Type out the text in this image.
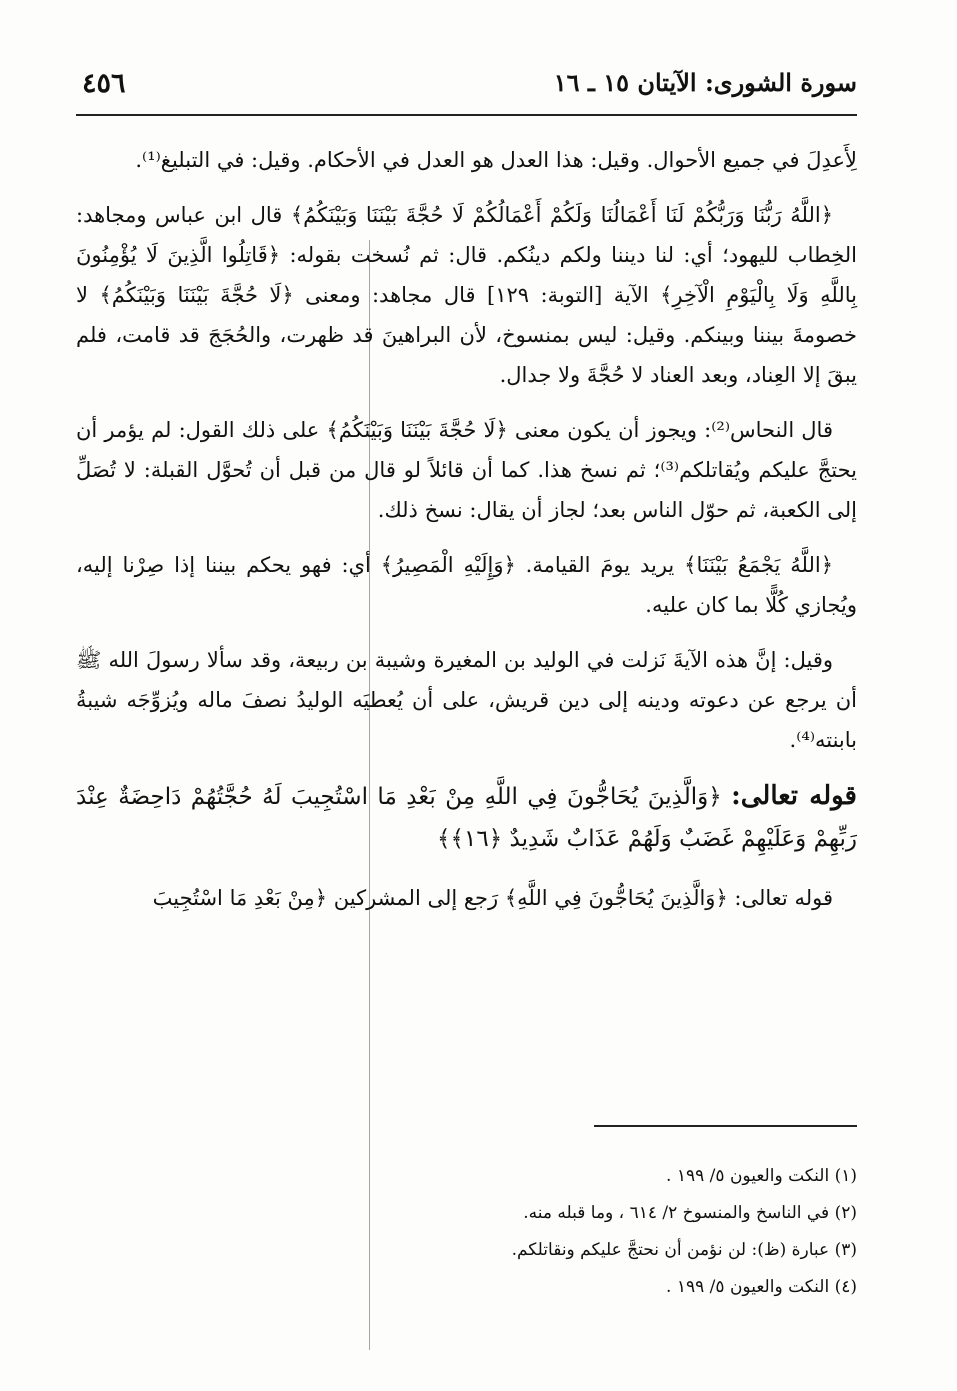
سورة الشورى: الآيتان ١٥ ـ ١٦
٤٥٦

لِأَعدِلَ في جميع الأحوال. وقيل: هذا العدل هو العدل في الأحكام. وقيل: في التبليغ⁽¹⁾.

﴿اللَّهُ رَبُّنَا وَرَبُّكُمْ لَنَا أَعْمَالُنَا وَلَكُمْ أَعْمَالُكُمْ لَا حُجَّةَ بَيْنَنَا وَبَيْنَكُمُ﴾ قال ابن عباس ومجاهد: الخِطاب لليهود؛ أي: لنا ديننا ولكم دينُكم. قال: ثم نُسخت بقوله: ﴿قَاتِلُوا الَّذِينَ لَا يُؤْمِنُونَ بِاللَّهِ وَلَا بِالْيَوْمِ الْآخِرِ﴾ الآية [التوبة: ١٢٩] قال مجاهد: ومعنى ﴿لَا حُجَّةَ بَيْنَنَا وَبَيْنَكُمُ﴾ لا خصومةَ بيننا وبينكم. وقيل: ليس بمنسوخ، لأن البراهينَ قد ظهرت، والحُجَجَ قد قامت، فلم يبقَ إلا العِناد، وبعد العناد لا حُجَّةَ ولا جدال.

قال النحاس⁽²⁾: ويجوز أن يكون معنى ﴿لَا حُجَّةَ بَيْنَنَا وَبَيْنَكُمُ﴾ على ذلك القول: لم يؤمر أن يحتجَّ عليكم ويُقاتلكم⁽³⁾؛ ثم نسخ هذا. كما أن قائلاً لو قال من قبل أن تُحوَّل القبلة: لا تُصَلِّ إلى الكعبة، ثم حوّل الناس بعد؛ لجاز أن يقال: نسخ ذلك.

﴿اللَّهُ يَجْمَعُ بَيْنَنَا﴾ يريد يومَ القيامة. ﴿وَإِلَيْهِ الْمَصِيرُ﴾ أي: فهو يحكم بيننا إذا صِرْنا إليه، ويُجازي كُلًّا بما كان عليه.

وقيل: إنَّ هذه الآيةَ نَزلت في الوليد بن المغيرة وشيبة بن ربيعة، وقد سألا رسولَ الله ﷺ أن يرجع عن دعوته ودينه إلى دين قريش، على أن يُعطيَه الوليدُ نصفَ ماله ويُزوِّجَه شيبةُ بابنته⁽⁴⁾.

قوله تعالى: ﴿وَالَّذِينَ يُحَاجُّونَ فِي اللَّهِ مِنْ بَعْدِ مَا اسْتُجِيبَ لَهُ حُجَّتُهُمْ دَاحِضَةٌ عِنْدَ رَبِّهِمْ وَعَلَيْهِمْ غَضَبٌ وَلَهُمْ عَذَابٌ شَدِيدٌ ﴿١٦﴾﴾

قوله تعالى: ﴿وَالَّذِينَ يُحَاجُّونَ فِي اللَّهِ﴾ رَجع إلى المشركين ﴿مِنْ بَعْدِ مَا اسْتُجِيبَ

(١) النكت والعيون ٥/ ١٩٩ .
(٢) في الناسخ والمنسوخ ٢/ ٦١٤ ، وما قبله منه.
(٣) عبارة (ظ): لن نؤمن أن نحتجَّ عليكم ونقاتلكم.
(٤) النكت والعيون ٥/ ١٩٩ .
